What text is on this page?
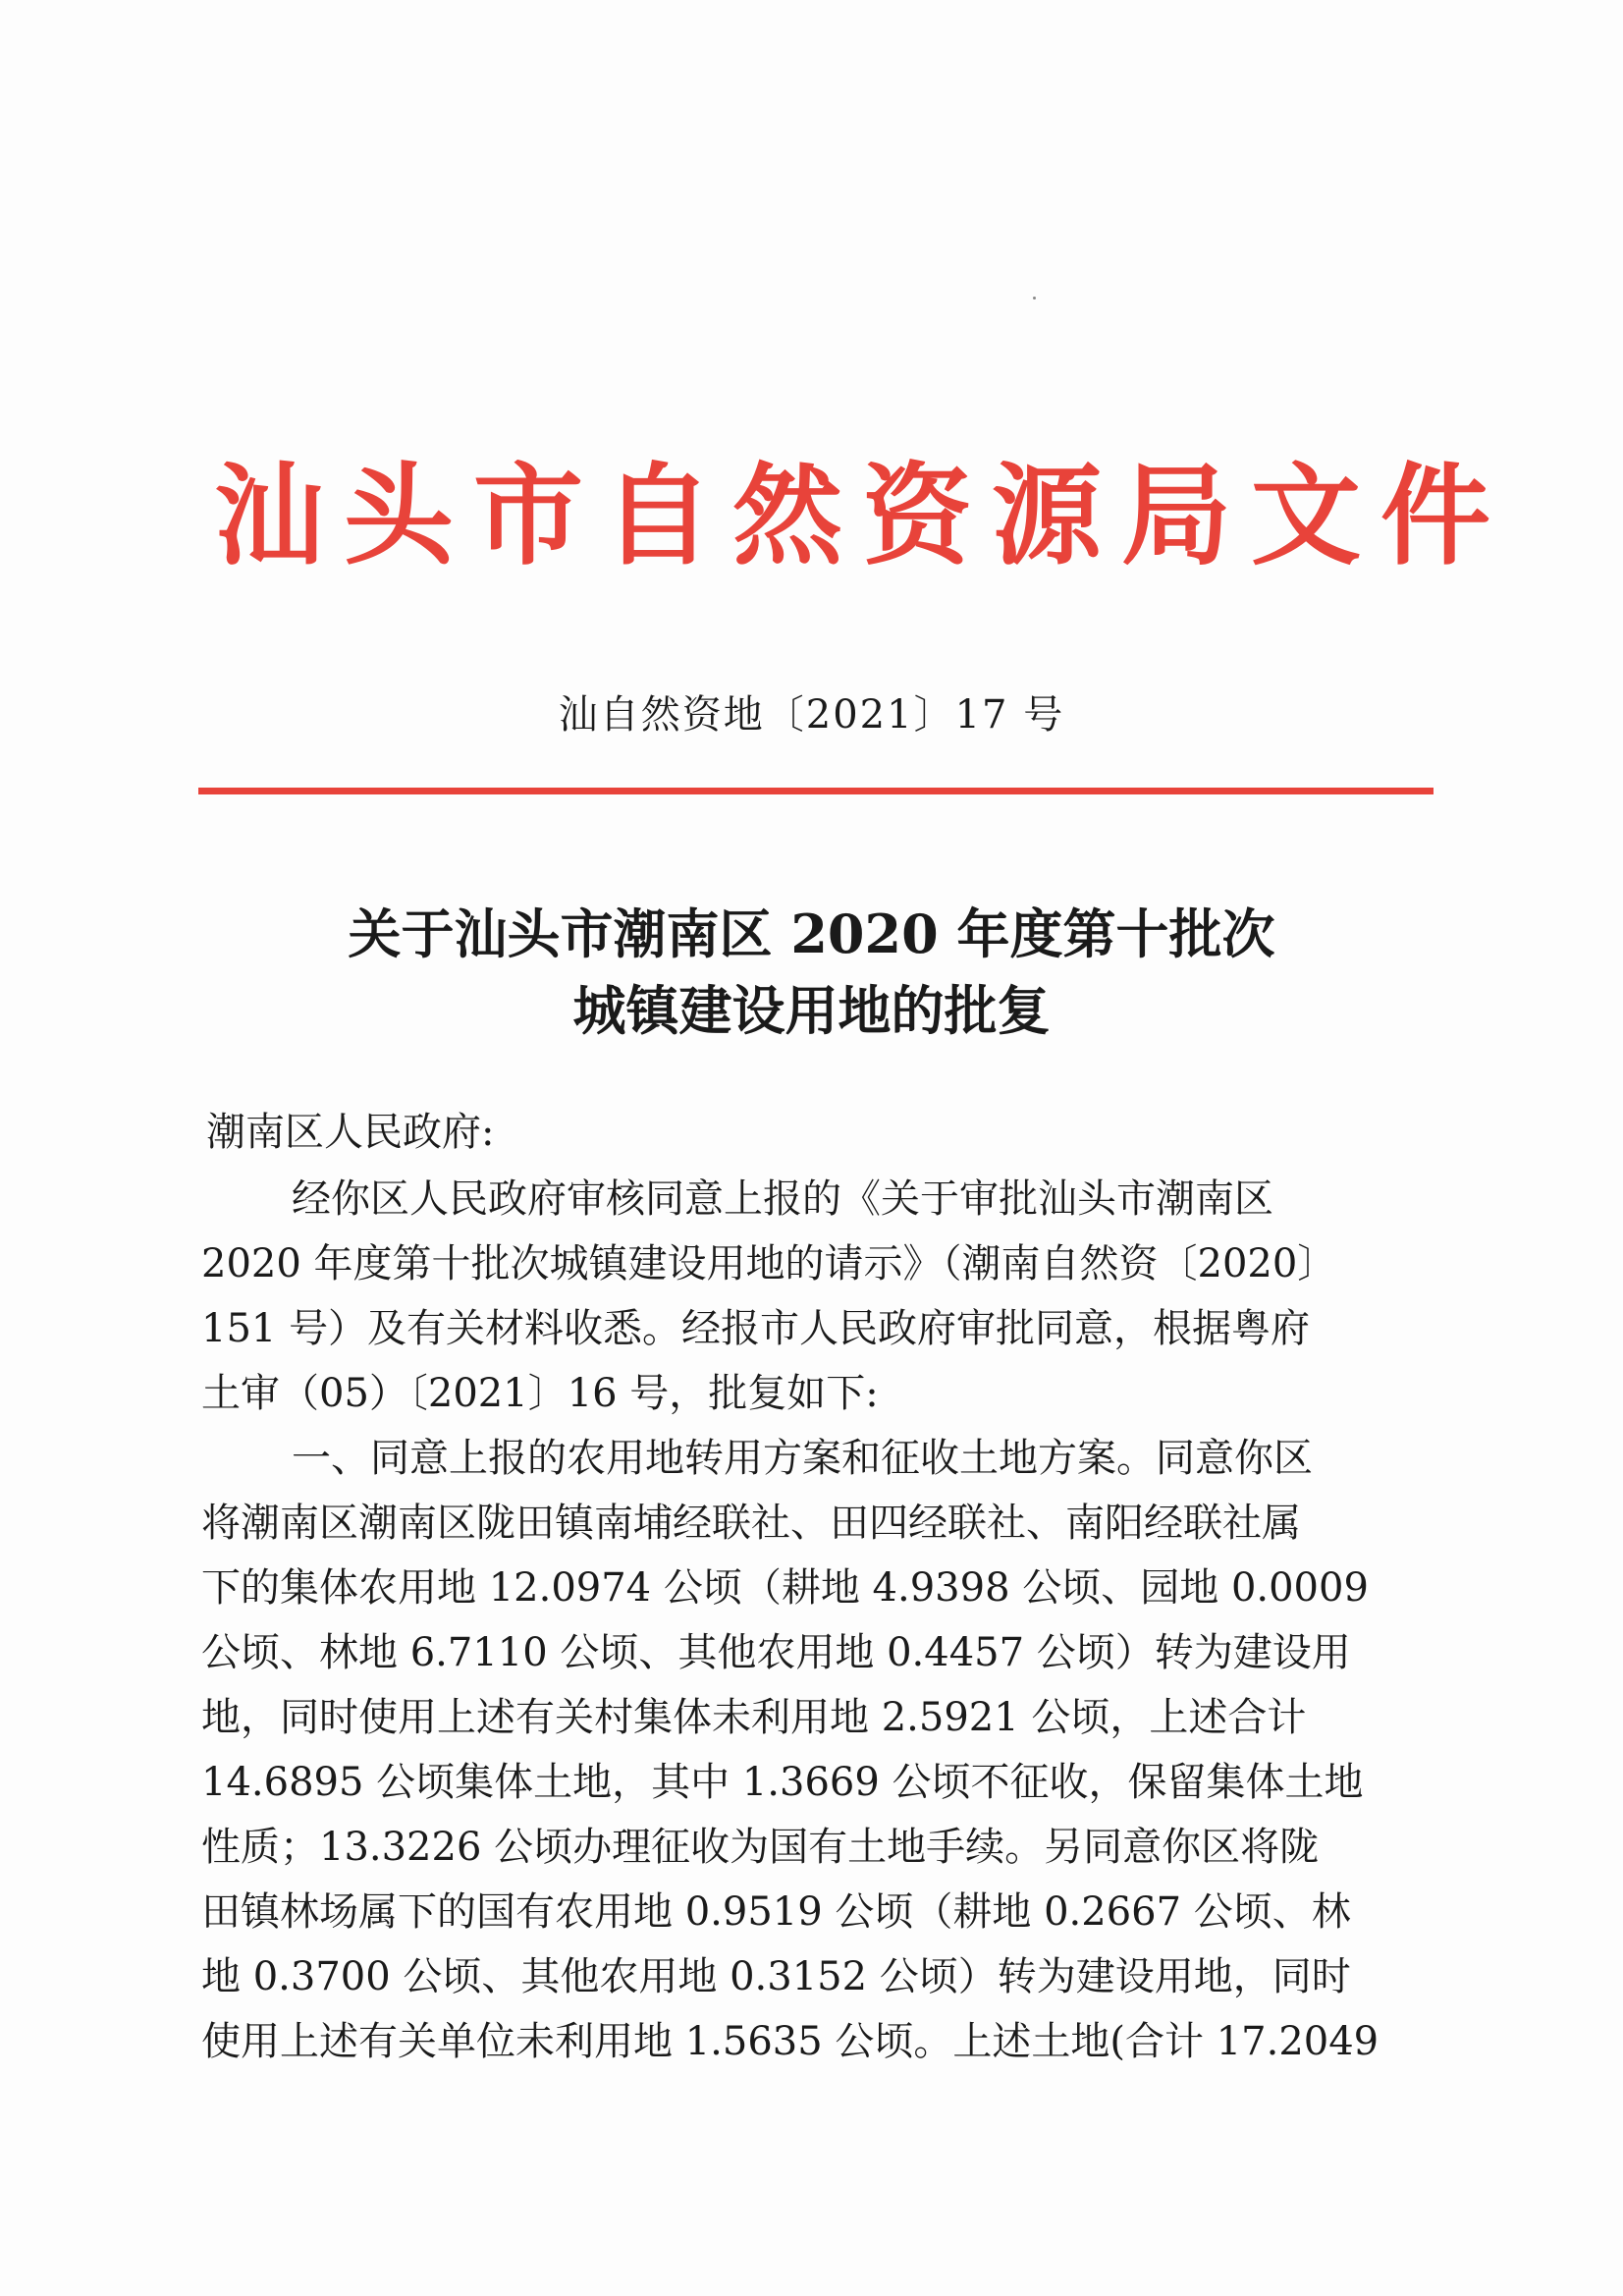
汕头市自然资源局文件
汕自然资地〔2021〕17 号
关于汕头市潮南区 2020 年度第十批次
城镇建设用地的批复
潮南区人民政府:
经你区人民政府审核同意上报的《关于审批汕头市潮南区
2020 年度第十批次城镇建设用地的请示》（潮南自然资〔2020〕
151 号）及有关材料收悉。经报市人民政府审批同意，根据粤府
土审（05）〔2021〕16 号，批复如下:
一、同意上报的农用地转用方案和征收土地方案。同意你区
将潮南区潮南区陇田镇南埔经联社、田四经联社、南阳经联社属
下的集体农用地 12.0974 公顷（耕地 4.9398 公顷、园地 0.0009
公顷、林地 6.7110 公顷、其他农用地 0.4457 公顷）转为建设用
地，同时使用上述有关村集体未利用地 2.5921 公顷，上述合计
14.6895 公顷集体土地，其中 1.3669 公顷不征收，保留集体土地
性质；13.3226 公顷办理征收为国有土地手续。另同意你区将陇
田镇林场属下的国有农用地 0.9519 公顷（耕地 0.2667 公顷、林
地 0.3700 公顷、其他农用地 0.3152 公顷）转为建设用地，同时
使用上述有关单位未利用地 1.5635 公顷。上述土地(合计 17.2049
